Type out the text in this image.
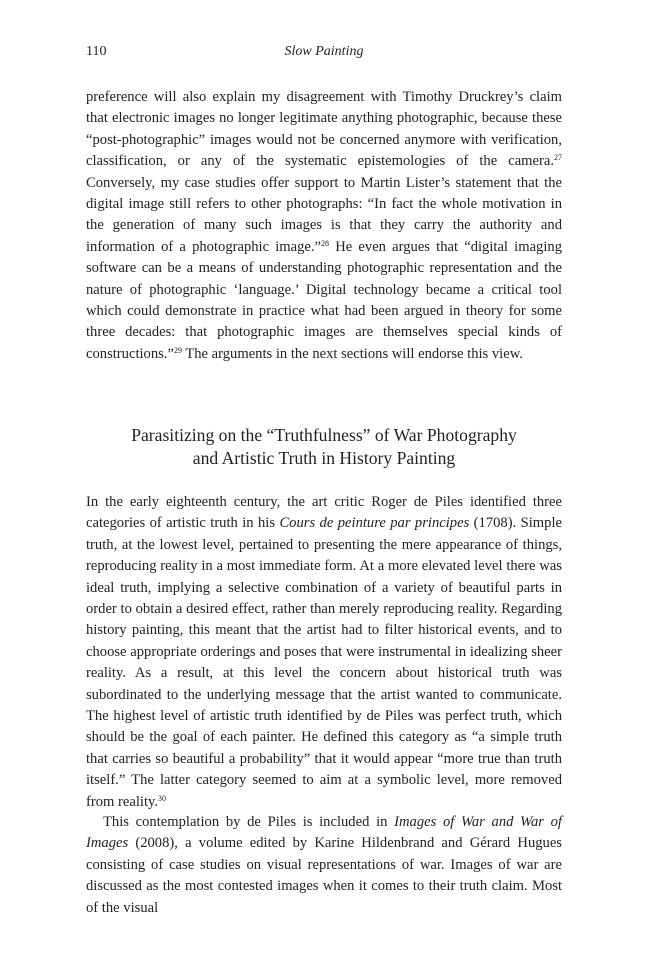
110	Slow Painting

preference will also explain my disagreement with Timothy Druckrey’s claim that electronic images no longer legitimate anything photographic, because these “post-photographic” images would not be concerned anymore with verification, classification, or any of the systematic epistemologies of the camera.$^{27}$ Conversely, my case studies offer support to Martin Lister’s statement that the digital image still refers to other photographs: “In fact the whole motivation in the generation of many such images is that they carry the authority and information of a photographic image.”$^{28}$ He even argues that “digital imaging software can be a means of understanding photographic representation and the nature of photographic ‘language.’ Digital technology became a critical tool which could demonstrate in practice what had been argued in theory for some three decades: that photographic images are themselves special kinds of constructions.”$^{29}$ The arguments in the next sections will endorse this view.

Parasitizing on the “Truthfulness” of War Photography
and Artistic Truth in History Painting

In the early eighteenth century, the art critic Roger de Piles identified three categories of artistic truth in his Cours de peinture par principes (1708). Simple truth, at the lowest level, pertained to presenting the mere appearance of things, reproducing reality in a most immediate form. At a more elevated level there was ideal truth, implying a selective combination of a variety of beautiful parts in order to obtain a desired effect, rather than merely reproducing reality. Regarding history painting, this meant that the artist had to filter historical events, and to choose appropriate orderings and poses that were instrumental in idealizing sheer reality. As a result, at this level the concern about historical truth was subordinated to the underlying message that the artist wanted to communicate. The highest level of artistic truth identified by de Piles was perfect truth, which should be the goal of each painter. He defined this category as “a simple truth that carries so beautiful a probability” that it would appear “more true than truth itself.” The latter category seemed to aim at a symbolic level, more removed from reality.$^{30}$

This contemplation by de Piles is included in Images of War and War of Images (2008), a volume edited by Karine Hildenbrand and Gérard Hugues consisting of case studies on visual representations of war. Images of war are discussed as the most contested images when it comes to their truth claim. Most of the visual
